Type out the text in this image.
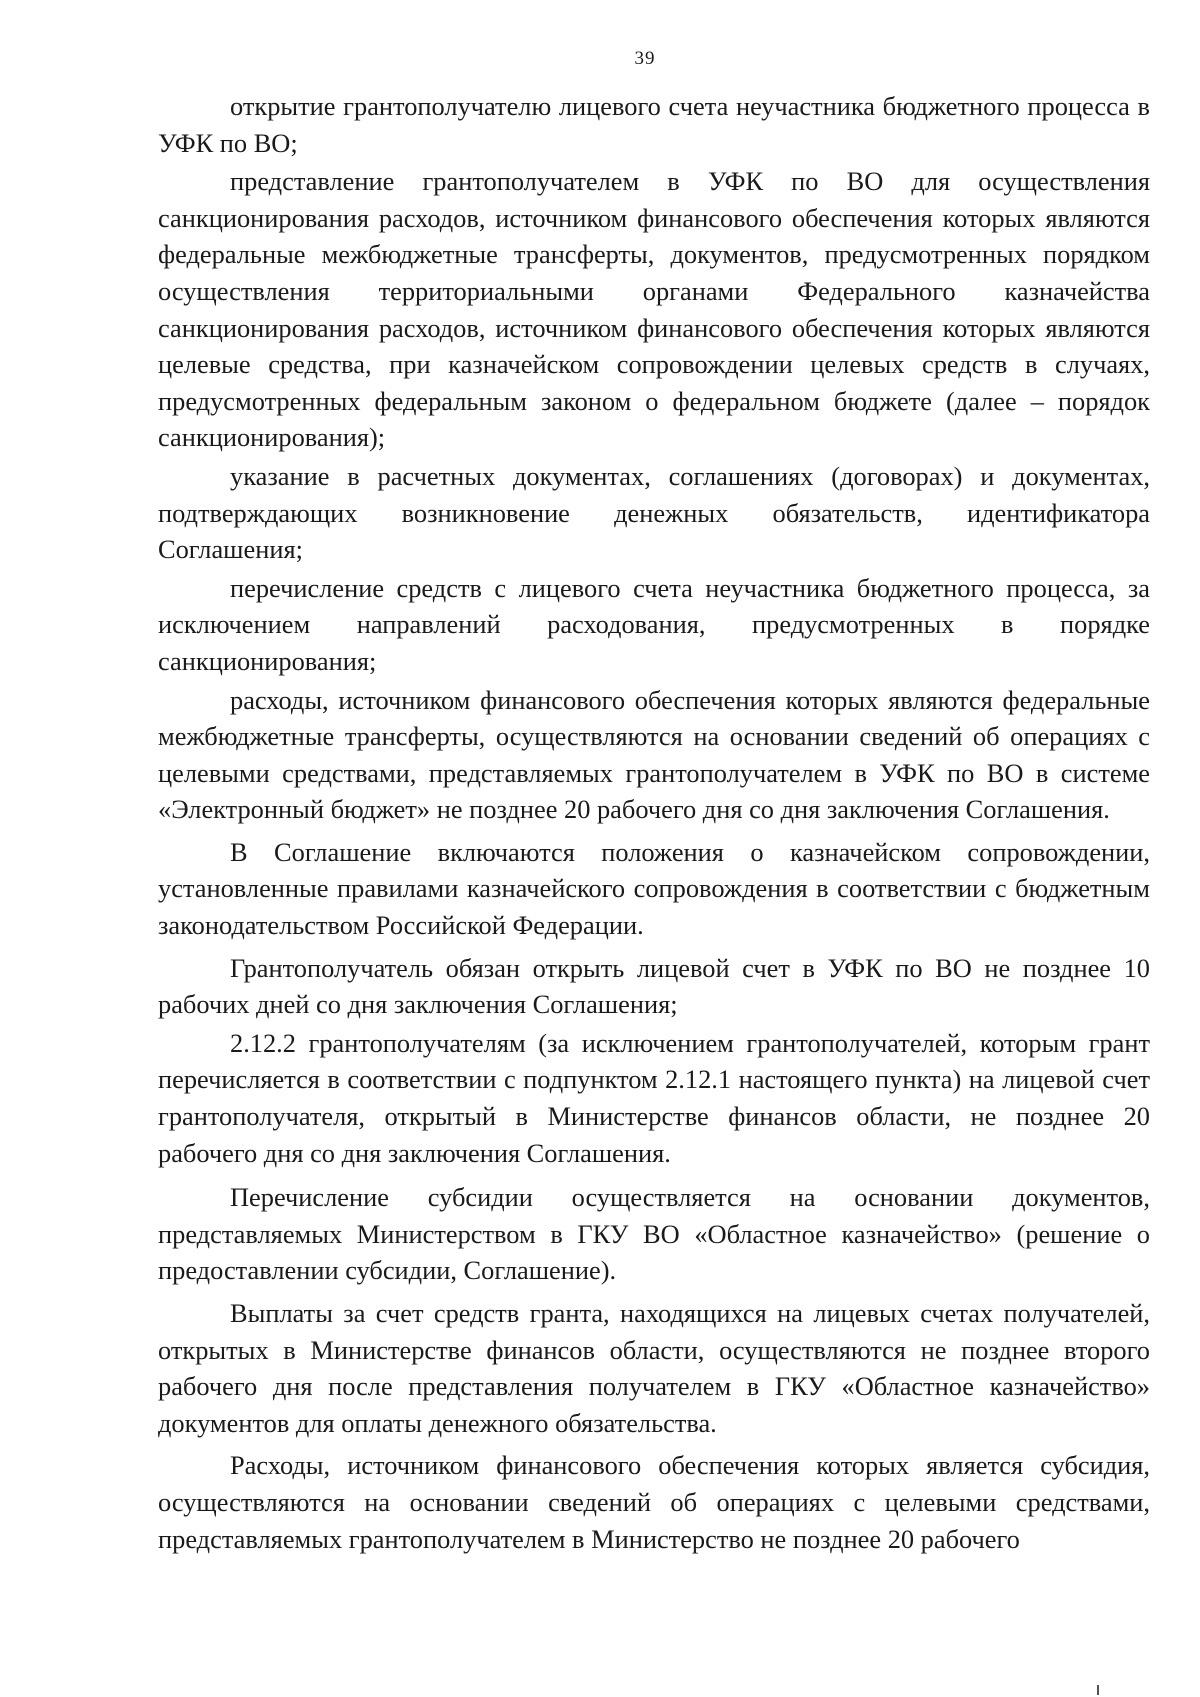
39

открытие грантополучателю лицевого счета неучастника бюджетного процесса в УФК по ВО;

представление грантополучателем в УФК по ВО для осуществления санкционирования расходов, источником финансового обеспечения которых являются федеральные межбюджетные трансферты, документов, предусмотренных порядком осуществления территориальными органами Федерального казначейства санкционирования расходов, источником финансового обеспечения которых являются целевые средства, при казначейском сопровождении целевых средств в случаях, предусмотренных федеральным законом о федеральном бюджете (далее – порядок санкционирования);

указание в расчетных документах, соглашениях (договорах) и документах, подтверждающих возникновение денежных обязательств, идентификатора Соглашения;

перечисление средств с лицевого счета неучастника бюджетного процесса, за исключением направлений расходования, предусмотренных в порядке санкционирования;

расходы, источником финансового обеспечения которых являются федеральные межбюджетные трансферты, осуществляются на основании сведений об операциях с целевыми средствами, представляемых грантополучателем в УФК по ВО в системе «Электронный бюджет» не позднее 20 рабочего дня со дня заключения Соглашения.

В Соглашение включаются положения о казначейском сопровождении, установленные правилами казначейского сопровождения в соответствии с бюджетным законодательством Российской Федерации.

Грантополучатель обязан открыть лицевой счет в УФК по ВО не позднее 10 рабочих дней со дня заключения Соглашения;

2.12.2 грантополучателям (за исключением грантополучателей, которым грант перечисляется в соответствии с подпунктом 2.12.1 настоящего пункта) на лицевой счет грантополучателя, открытый в Министерстве финансов области, не позднее 20 рабочего дня со дня заключения Соглашения.

Перечисление субсидии осуществляется на основании документов, представляемых Министерством в ГКУ ВО «Областное казначейство» (решение о предоставлении субсидии, Соглашение).

Выплаты за счет средств гранта, находящихся на лицевых счетах получателей, открытых в Министерстве финансов области, осуществляются не позднее второго рабочего дня после представления получателем в ГКУ «Областное казначейство» документов для оплаты денежного обязательства.

Расходы, источником финансового обеспечения которых является субсидия, осуществляются на основании сведений об операциях с целевыми средствами, представляемых грантополучателем в Министерство не позднее 20 рабочего
